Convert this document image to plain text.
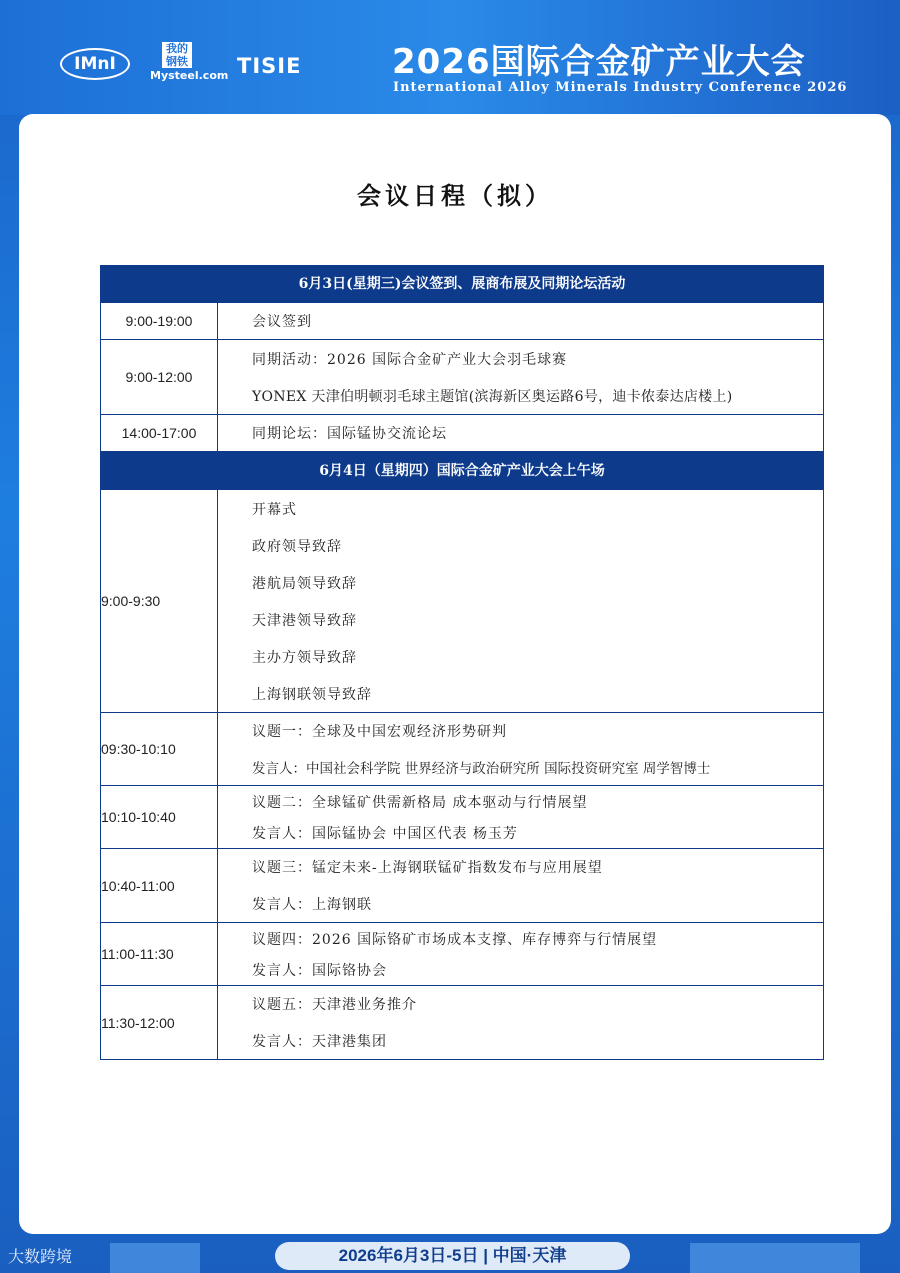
IMnI
我的钢铁
Mysteel.com TISIE	2026国际合金矿产业大会
International Alloy Minerals Industry Conference 2026
会议日程（拟）
6月3日(星期三)会议签到、展商布展及同期论坛活动
9:00-19:00	会议签到
9:00-12:00
同期活动：2026 国际合金矿产业大会羽毛球赛
YONEX 天津伯明顿羽毛球主题馆(滨海新区奥运路6号，迪卡侬泰达店楼上)
14:00-17:00	同期论坛：国际锰协交流论坛
6月4日（星期四）国际合金矿产业大会上午场
9:00-9:30
开幕式
政府领导致辞
港航局领导致辞
天津港领导致辞
主办方领导致辞
上海钢联领导致辞
09:30-10:10
议题一：全球及中国宏观经济形势研判
发言人：中国社会科学院 世界经济与政治研究所 国际投资研究室 周学智博士
10:10-10:40
议题二：全球锰矿供需新格局 成本驱动与行情展望
发言人：国际锰协会 中国区代表 杨玉芳
10:40-11:00
议题三：锰定未来-上海钢联锰矿指数发布与应用展望
发言人：上海钢联
11:00-11:30
议题四：2026 国际铬矿市场成本支撑、库存博弈与行情展望
发言人：国际铬协会
11:30-12:00
议题五：天津港业务推介
发言人：天津港集团
大数跨境	2026年6月3日-5日 | 中国·天津
